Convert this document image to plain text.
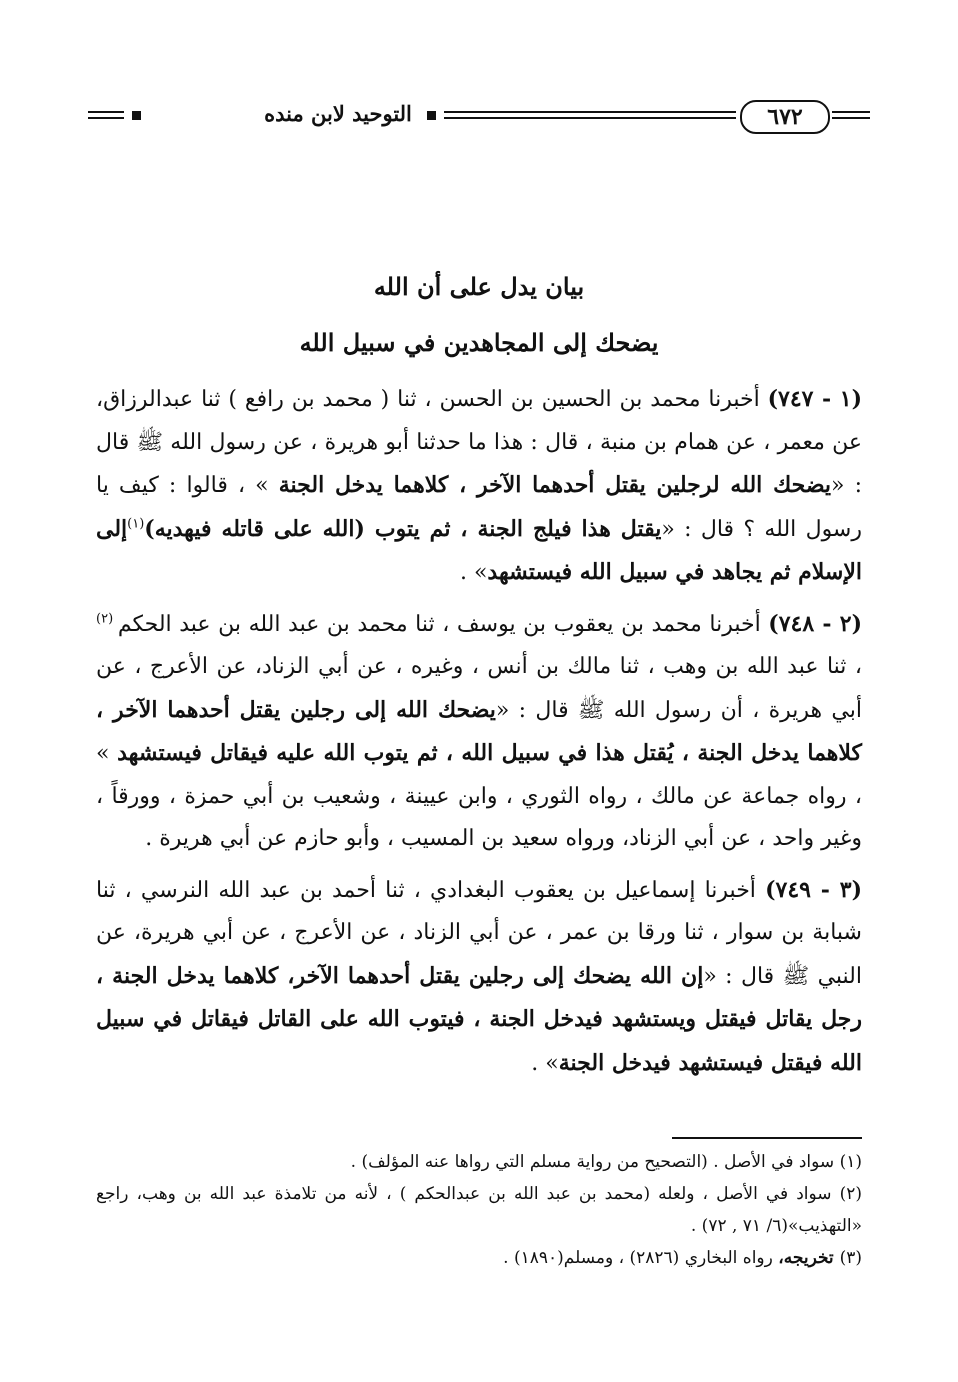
٦٧٢
التوحيد لابن منده
بيان يدل على أن الله
يضحك إلى المجاهدين في سبيل الله

(١ - ٧٤٧) أخبرنا محمد بن الحسين بن الحسن ، ثنا ( محمد بن رافع ) ثنا عبدالرزاق، عن معمر ، عن همام بن منبة ، قال : هذا ما حدثنا أبو هريرة ، عن رسول الله ﷺ قال : «يضحك الله لرجلين يقتل أحدهما الآخر ، كلاهما يدخل الجنة » ، قالوا : كيف يا رسول الله ؟ قال : «يقتل هذا فيلج الجنة ، ثم يتوب (الله على قاتله فيهديه)$^{(١)}$إلى الإسلام ثم يجاهد في سبيل الله فيستشهد» .

(٢ - ٧٤٨) أخبرنا محمد بن يعقوب بن يوسف ، ثنا محمد بن عبد الله بن عبد الحكم $^{(٢)}$ ، ثنا عبد الله بن وهب ، ثنا مالك بن أنس ، وغيره ، عن أبي الزناد، عن الأعرج ، عن أبي هريرة ، أن رسول الله ﷺ قال : «يضحك الله إلى رجلين يقتل أحدهما الآخر ، كلاهما يدخل الجنة ، يُقتل هذا في سبيل الله ، ثم يتوب الله عليه فيقاتل فيستشهد » ، رواه جماعة عن مالك ، رواه الثوري ، وابن عيينة ، وشعيب بن أبي حمزة ، وورقاً ، وغير واحد ، عن أبي الزناد، ورواه سعيد بن المسيب ، وأبو حازم عن أبي هريرة .

(٣ - ٧٤٩) أخبرنا إسماعيل بن يعقوب البغدادي ، ثنا أحمد بن عبد الله النرسي ، ثنا شبابة بن سوار ، ثنا ورقا بن عمر ، عن أبي الزناد ، عن الأعرج ، عن أبي هريرة، عن النبي ﷺ قال : «إن الله يضحك إلى رجلين يقتل أحدهما الآخر، كلاهما يدخل الجنة ، رجل يقاتل فيقتل ويستشهد فيدخل الجنة ، فيتوب الله على القاتل فيقاتل في سبيل الله فيقتل فيستشهد فيدخل الجنة» .

(١) سواد في الأصل . (التصحيح من رواية مسلم التي رواها عنه المؤلف) .

(٢) سواد في الأصل ، ولعله (محمد بن عبد الله بن عبدالحكم ) ، لأنه من تلامذة عبد الله بن وهب، راجع «التهذيب»(٦/ ٧١ , ٧٢) .

(٣) تخريجه، رواه البخاري (٢٨٢٦) ، ومسلم(١٨٩٠) .
